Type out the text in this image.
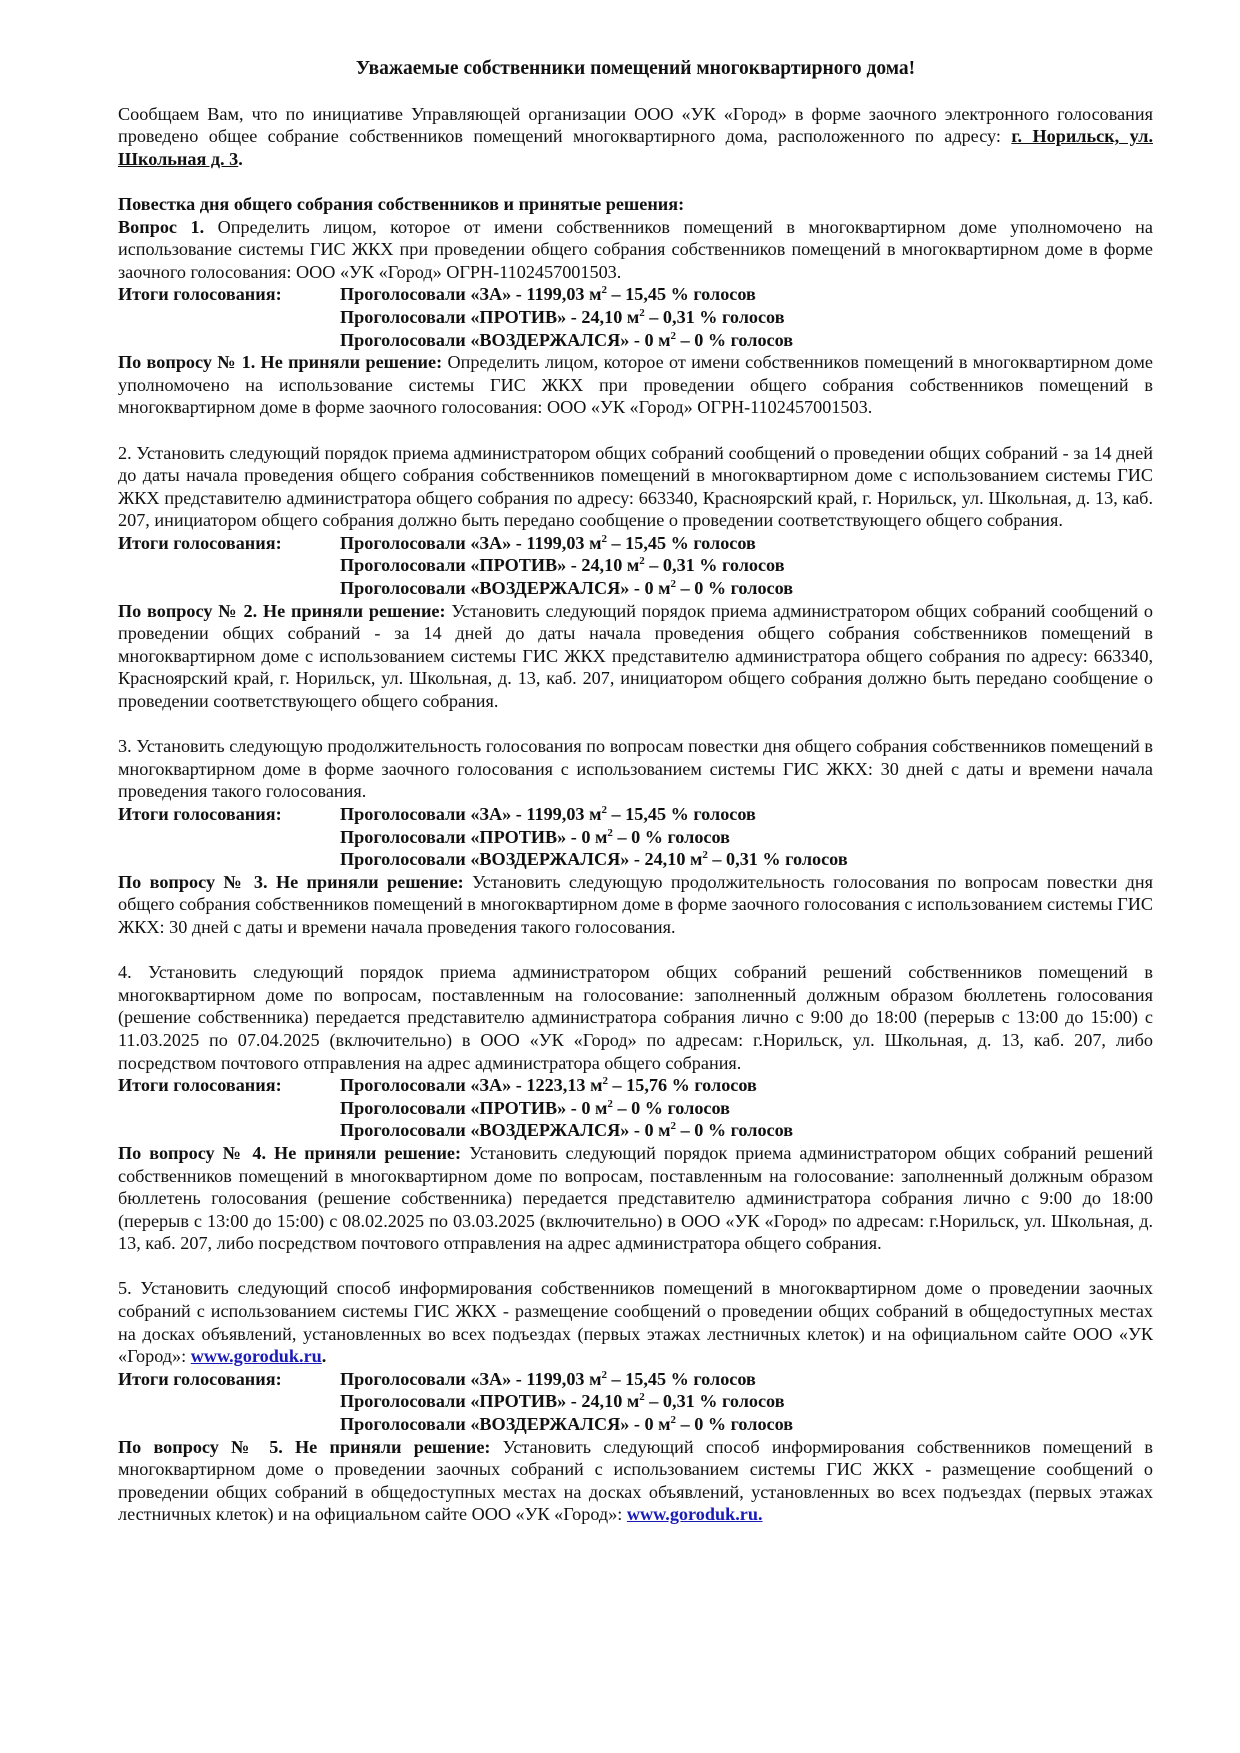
Уважаемые собственники помещений многоквартирного дома!

Сообщаем Вам, что по инициативе Управляющей организации ООО «УК «Город» в форме заочного электронного голосования проведено общее собрание собственников помещений многоквартирного дома, расположенного по адресу: г. Норильск, ул. Школьная д. 3.

Повестка дня общего собрания собственников и принятые решения:

Вопрос 1. Определить лицом, которое от имени собственников помещений в многоквартирном доме уполномочено на использование системы ГИС ЖКХ при проведении общего собрания собственников помещений в многоквартирном доме в форме заочного голосования: ООО «УК «Город» ОГРН-1102457001503.

Итоги голосования:	Проголосовали «ЗА» - 1199,03 $м^2 - 15,45$ % голосов

Проголосовали «ПРОТИВ» - 24,10 $м^2 - 0,31$ % голосов

Проголосовали «ВОЗДЕРЖАЛСЯ» - 0 $м^2 - 0$ % голосов

По вопросу № 1. Не приняли решение: Определить лицом, которое от имени собственников помещений в многоквартирном доме уполномочено на использование системы ГИС ЖКХ при проведении общего собрания собственников помещений в многоквартирном доме в форме заочного голосования: ООО «УК «Город» ОГРН-1102457001503.

2. Установить следующий порядок приема администратором общих собраний сообщений о проведении общих собраний - за 14 дней до даты начала проведения общего собрания собственников помещений в многоквартирном доме с использованием системы ГИС ЖКХ представителю администратора общего собрания по адресу: 663340, Красноярский край, г. Норильск, ул. Школьная, д. 13, каб. 207, инициатором общего собрания должно быть передано сообщение о проведении соответствующего общего собрания.

Итоги голосования:	Проголосовали «ЗА» - 1199,03 $м^2 - 15,45$ % голосов

Проголосовали «ПРОТИВ» - 24,10 $м^2 - 0,31$ % голосов

Проголосовали «ВОЗДЕРЖАЛСЯ» - 0 $м^2 - 0$ % голосов

По вопросу № 2. Не приняли решение: Установить следующий порядок приема администратором общих собраний сообщений о проведении общих собраний - за 14 дней до даты начала проведения общего собрания собственников помещений в многоквартирном доме с использованием системы ГИС ЖКХ представителю администратора общего собрания по адресу: 663340, Красноярский край, г. Норильск, ул. Школьная, д. 13, каб. 207, инициатором общего собрания должно быть передано сообщение о проведении соответствующего общего собрания.

3. Установить следующую продолжительность голосования по вопросам повестки дня общего собрания собственников помещений в многоквартирном доме в форме заочного голосования с использованием системы ГИС ЖКХ: 30 дней с даты и времени начала проведения такого голосования.

Итоги голосования:	Проголосовали «ЗА» - 1199,03 $м^2 - 15,45$ % голосов

Проголосовали «ПРОТИВ» - 0 $м^2 - 0$ % голосов

Проголосовали «ВОЗДЕРЖАЛСЯ» - 24,10 $м^2 - 0,31$ % голосов

По вопросу № 3. Не приняли решение: Установить следующую продолжительность голосования по вопросам повестки дня общего собрания собственников помещений в многоквартирном доме в форме заочного голосования с использованием системы ГИС ЖКХ: 30 дней с даты и времени начала проведения такого голосования.

4. Установить следующий порядок приема администратором общих собраний решений собственников помещений в многоквартирном доме по вопросам, поставленным на голосование: заполненный должным образом бюллетень голосования (решение собственника) передается представителю администратора собрания лично с 9:00 до 18:00 (перерыв с 13:00 до 15:00) с 11.03.2025 по 07.04.2025 (включительно) в ООО «УК «Город» по адресам: г.Норильск, ул. Школьная, д. 13, каб. 207, либо посредством почтового отправления на адрес администратора общего собрания.

Итоги голосования:	Проголосовали «ЗА» - 1223,13 $м^2 - 15,76$ % голосов

Проголосовали «ПРОТИВ» - 0 $м^2 - 0$ % голосов

Проголосовали «ВОЗДЕРЖАЛСЯ» - 0 $м^2 - 0$ % голосов

По вопросу № 4. Не приняли решение: Установить следующий порядок приема администратором общих собраний решений собственников помещений в многоквартирном доме по вопросам, поставленным на голосование: заполненный должным образом бюллетень голосования (решение собственника) передается представителю администратора собрания лично с 9:00 до 18:00 (перерыв с 13:00 до 15:00) с 08.02.2025 по 03.03.2025 (включительно) в ООО «УК «Город» по адресам: г.Норильск, ул. Школьная, д. 13, каб. 207, либо посредством почтового отправления на адрес администратора общего собрания.

5. Установить следующий способ информирования собственников помещений в многоквартирном доме о проведении заочных собраний с использованием системы ГИС ЖКХ - размещение сообщений о проведении общих собраний в общедоступных местах на досках объявлений, установленных во всех подъездах (первых этажах лестничных клеток) и на официальном сайте ООО «УК «Город»: www.goroduk.ru.

Итоги голосования:	Проголосовали «ЗА» - 1199,03 $м^2 - 15,45$ % голосов

Проголосовали «ПРОТИВ» - 24,10 $м^2 - 0,31$ % голосов

Проголосовали «ВОЗДЕРЖАЛСЯ» - 0 $м^2 - 0$ % голосов

По вопросу № 5. Не приняли решение: Установить следующий способ информирования собственников помещений в многоквартирном доме о проведении заочных собраний с использованием системы ГИС ЖКХ - размещение сообщений о проведении общих собраний в общедоступных местах на досках объявлений, установленных во всех подъездах (первых этажах лестничных клеток) и на официальном сайте ООО «УК «Город»: www.goroduk.ru.
